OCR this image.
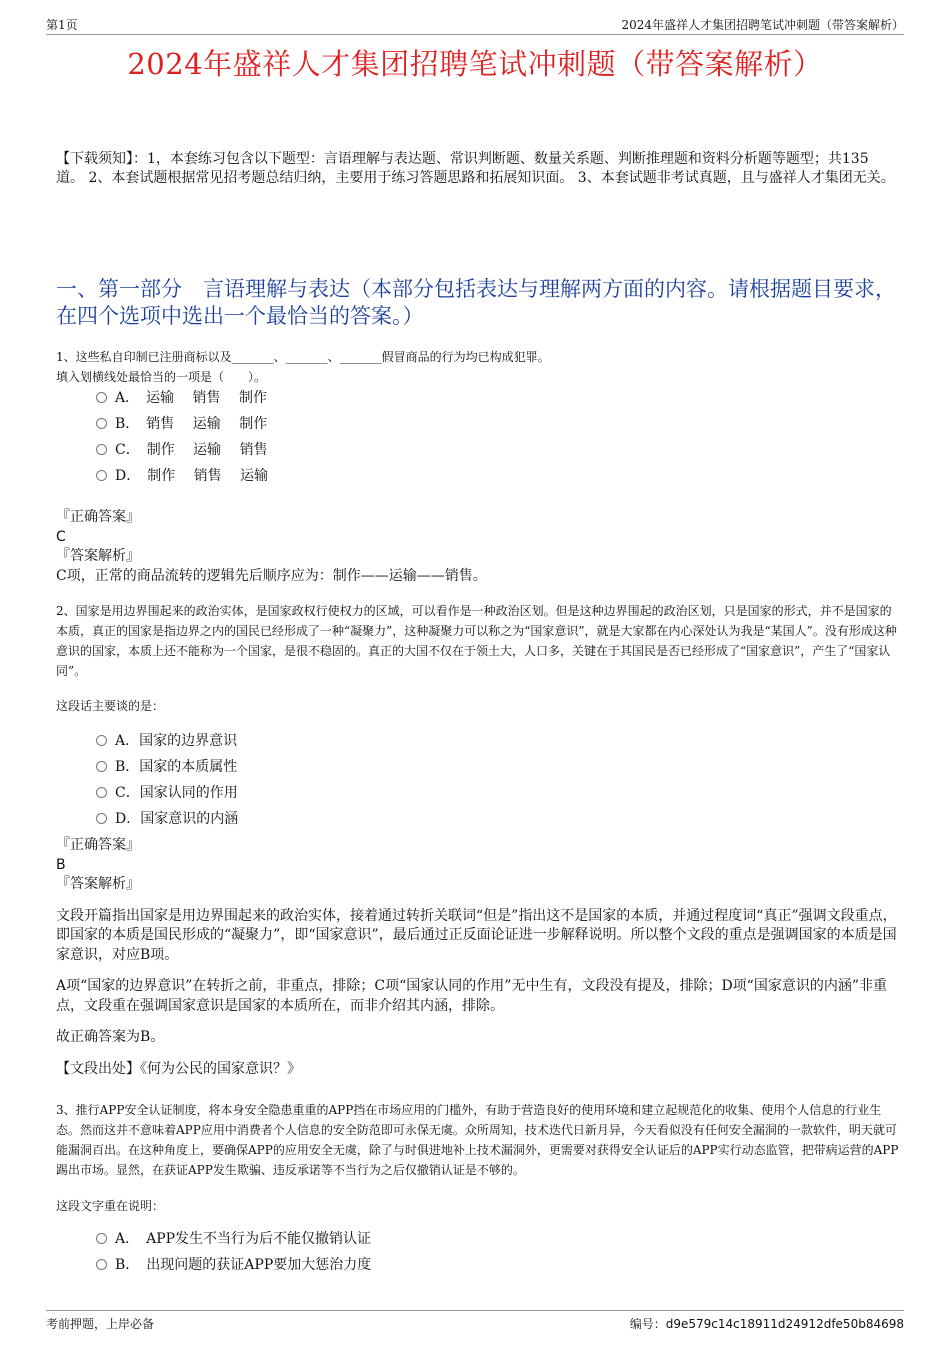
第1页	2024年盛祥人才集团招聘笔试冲刺题（带答案解析）
2024年盛祥人才集团招聘笔试冲刺题（带答案解析）
【下载须知】：1，本套练习包含以下题型：言语理解与表达题、常识判断题、数量关系题、判断推理题和资料分析题等题型；共135道。 2、本套试题根据常见招考题总结归纳，主要用于练习答题思路和拓展知识面。 3、本套试题非考试真题，且与盛祥人才集团无关。
一、第一部分　言语理解与表达（本部分包括表达与理解两方面的内容。请根据题目要求，在四个选项中选出一个最恰当的答案。）
1、这些私自印制已注册商标以及_______、_______、_______假冒商品的行为均已构成犯罪。
填入划横线处最恰当的一项是（　　）。
A．　运输　 销售　 制作
B．　销售　 运输　 制作
C．　制作　 运输　 销售
D．　制作　 销售　 运输

『正确答案』

C

『答案解析』

C项，正常的商品流转的逻辑先后顺序应为：制作——运输——销售。

2、国家是用边界围起来的政治实体，是国家政权行使权力的区域，可以看作是一种政治区划。但是这种边界围起的政治区划，只是国家的形式，并不是国家的本质，真正的国家是指边界之内的国民已经形成了一种“凝聚力”，这种凝聚力可以称之为“国家意识”，就是大家都在内心深处认为我是“某国人”。没有形成这种意识的国家，本质上还不能称为一个国家，是很不稳固的。真正的大国不仅在于领土大，人口多，关键在于其国民是否已经形成了“国家意识”，产生了“国家认同”。
这段话主要谈的是：
A．国家的边界意识
B．国家的本质属性
C．国家认同的作用
D．国家意识的内涵

『正确答案』

B

『答案解析』

文段开篇指出国家是用边界围起来的政治实体，接着通过转折关联词“但是”指出这不是国家的本质，并通过程度词“真正”强调文段重点，即国家的本质是国民形成的“凝聚力”，即“国家意识”，最后通过正反面论证进一步解释说明。所以整个文段的重点是强调国家的本质是国家意识，对应B项。

A项“国家的边界意识”在转折之前，非重点，排除；C项“国家认同的作用”无中生有，文段没有提及，排除；D项“国家意识的内涵”非重点，文段重在强调国家意识是国家的本质所在，而非介绍其内涵，排除。

故正确答案为B。

【文段出处】《何为公民的国家意识？》

3、推行APP安全认证制度，将本身安全隐患重重的APP挡在市场应用的门槛外，有助于营造良好的使用环境和建立起规范化的收集、使用个人信息的行业生态。然而这并不意味着APP应用中消费者个人信息的安全防范即可永保无虞。众所周知，技术迭代日新月异，今天看似没有任何安全漏洞的一款软件，明天就可能漏洞百出。在这种角度上，要确保APP的应用安全无虞，除了与时俱进地补上技术漏洞外，更需要对获得安全认证后的APP实行动态监管，把带病运营的APP踢出市场。显然，在获证APP发生欺骗、违反承诺等不当行为之后仅撤销认证是不够的。
这段文字重在说明：
A．　APP发生不当行为后不能仅撤销认证
B．　出现问题的获证APP要加大惩治力度
考前押题，上岸必备	编号：d9e579c14c18911d24912dfe50b84698
